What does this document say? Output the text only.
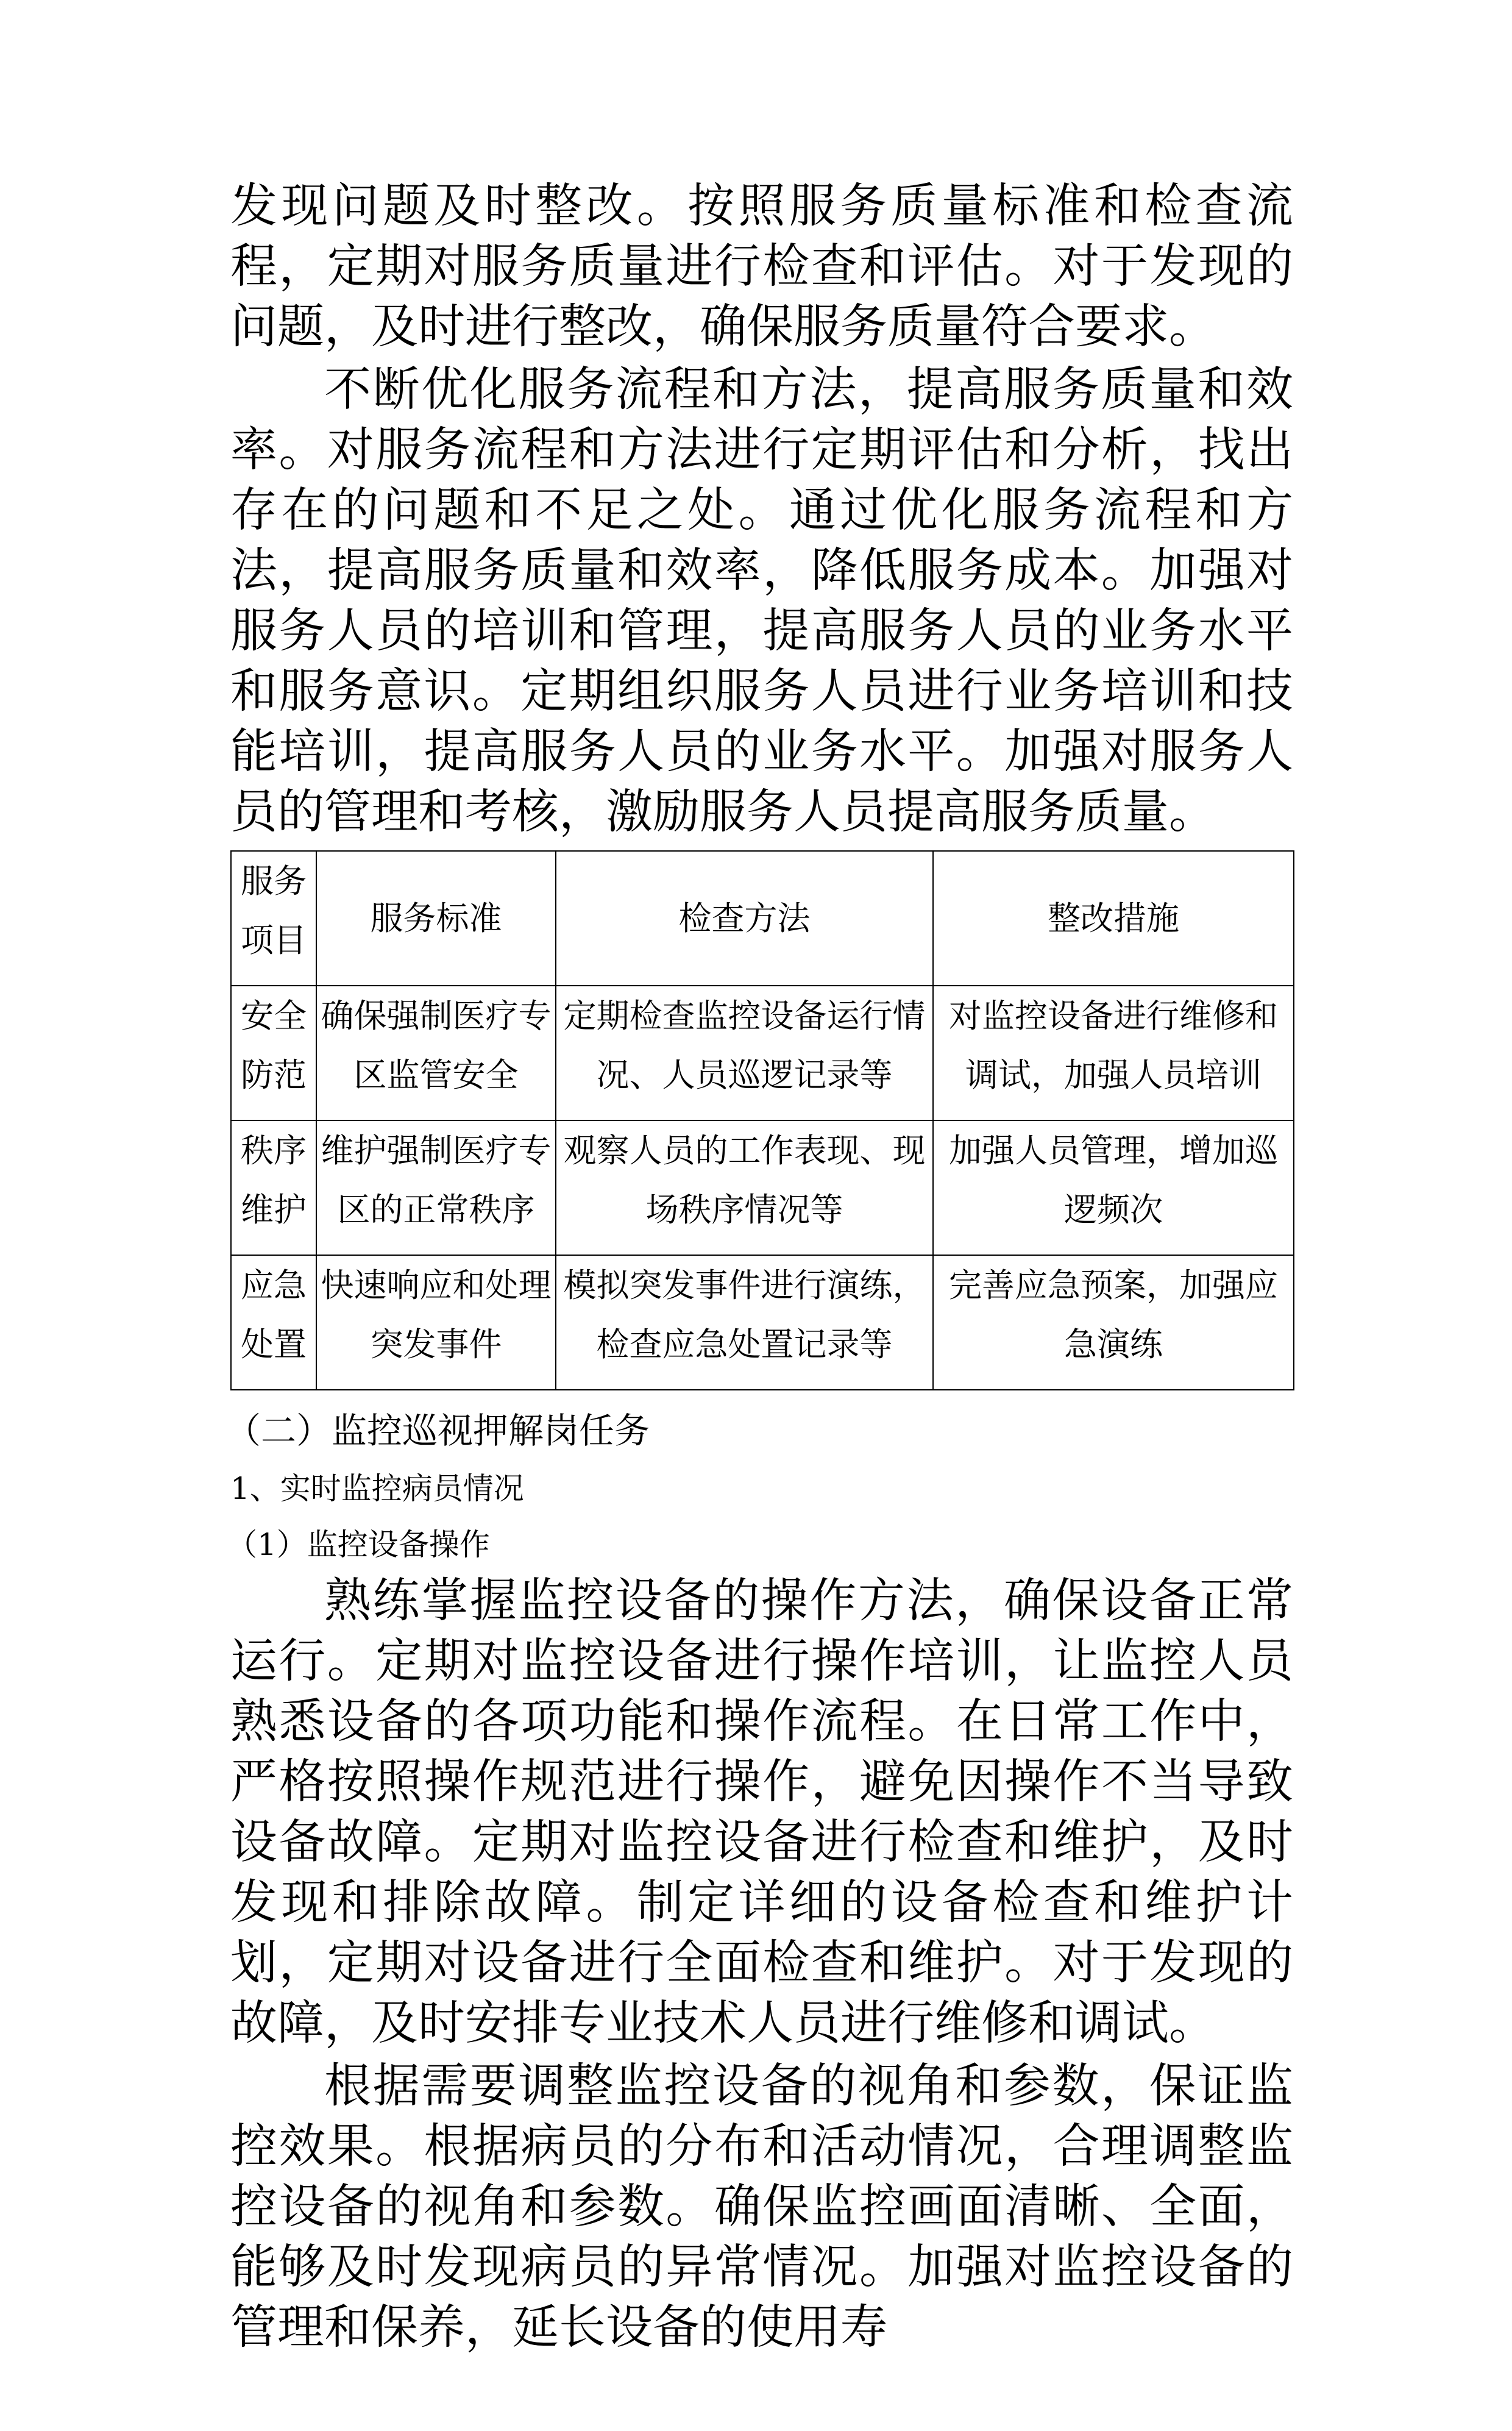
发现问题及时整改。按照服务质量标准和检查流程，定期对服务质量进行检查和评估。对于发现的问题，及时进行整改，确保服务质量符合要求。

不断优化服务流程和方法，提高服务质量和效率。对服务流程和方法进行定期评估和分析，找出存在的问题和不足之处。通过优化服务流程和方法，提高服务质量和效率，降低服务成本。加强对服务人员的培训和管理，提高服务人员的业务水平和服务意识。定期组织服务人员进行业务培训和技能培训，提高服务人员的业务水平。加强对服务人员的管理和考核，激励服务人员提高服务质量。

服务项目	服务标准	检查方法	整改措施
安全防范	确保强制医疗专区监管安全	定期检查监控设备运行情况、人员巡逻记录等	对监控设备进行维修和调试，加强人员培训
秩序维护	维护强制医疗专区的正常秩序	观察人员的工作表现、现场秩序情况等	加强人员管理，增加巡逻频次
应急处置	快速响应和处理突发事件	模拟突发事件进行演练，检查应急处置记录等	完善应急预案，加强应急演练
（二）监控巡视押解岗任务
1、实时监控病员情况
（1）监控设备操作

熟练掌握监控设备的操作方法，确保设备正常运行。定期对监控设备进行操作培训，让监控人员熟悉设备的各项功能和操作流程。在日常工作中，严格按照操作规范进行操作，避免因操作不当导致设备故障。定期对监控设备进行检查和维护，及时发现和排除故障。制定详细的设备检查和维护计划，定期对设备进行全面检查和维护。对于发现的故障，及时安排专业技术人员进行维修和调试。

根据需要调整监控设备的视角和参数，保证监控效果。根据病员的分布和活动情况，合理调整监控设备的视角和参数。确保监控画面清晰、全面，能够及时发现病员的异常情况。加强对监控设备的管理和保养，延长设备的使用寿
